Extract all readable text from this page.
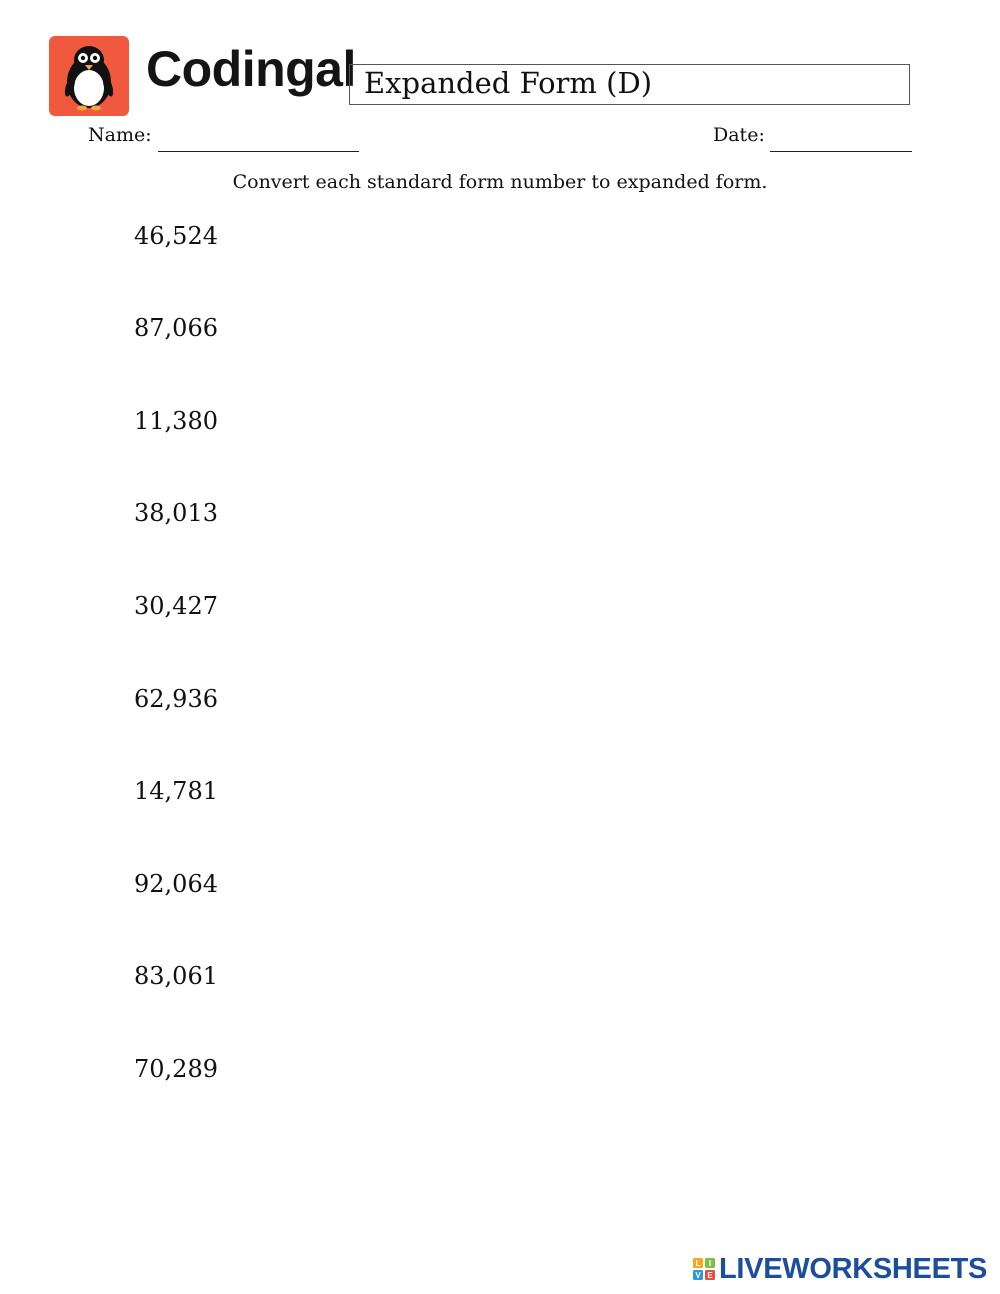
Codingal Expanded Form (D)
Name:	Date:
Convert each standard form number to expanded form.
46,524
87,066
11,380
38,013
30,427
62,936
14,781
92,064
83,061
70,289
L I
V E LIVEWORKSHEETS
